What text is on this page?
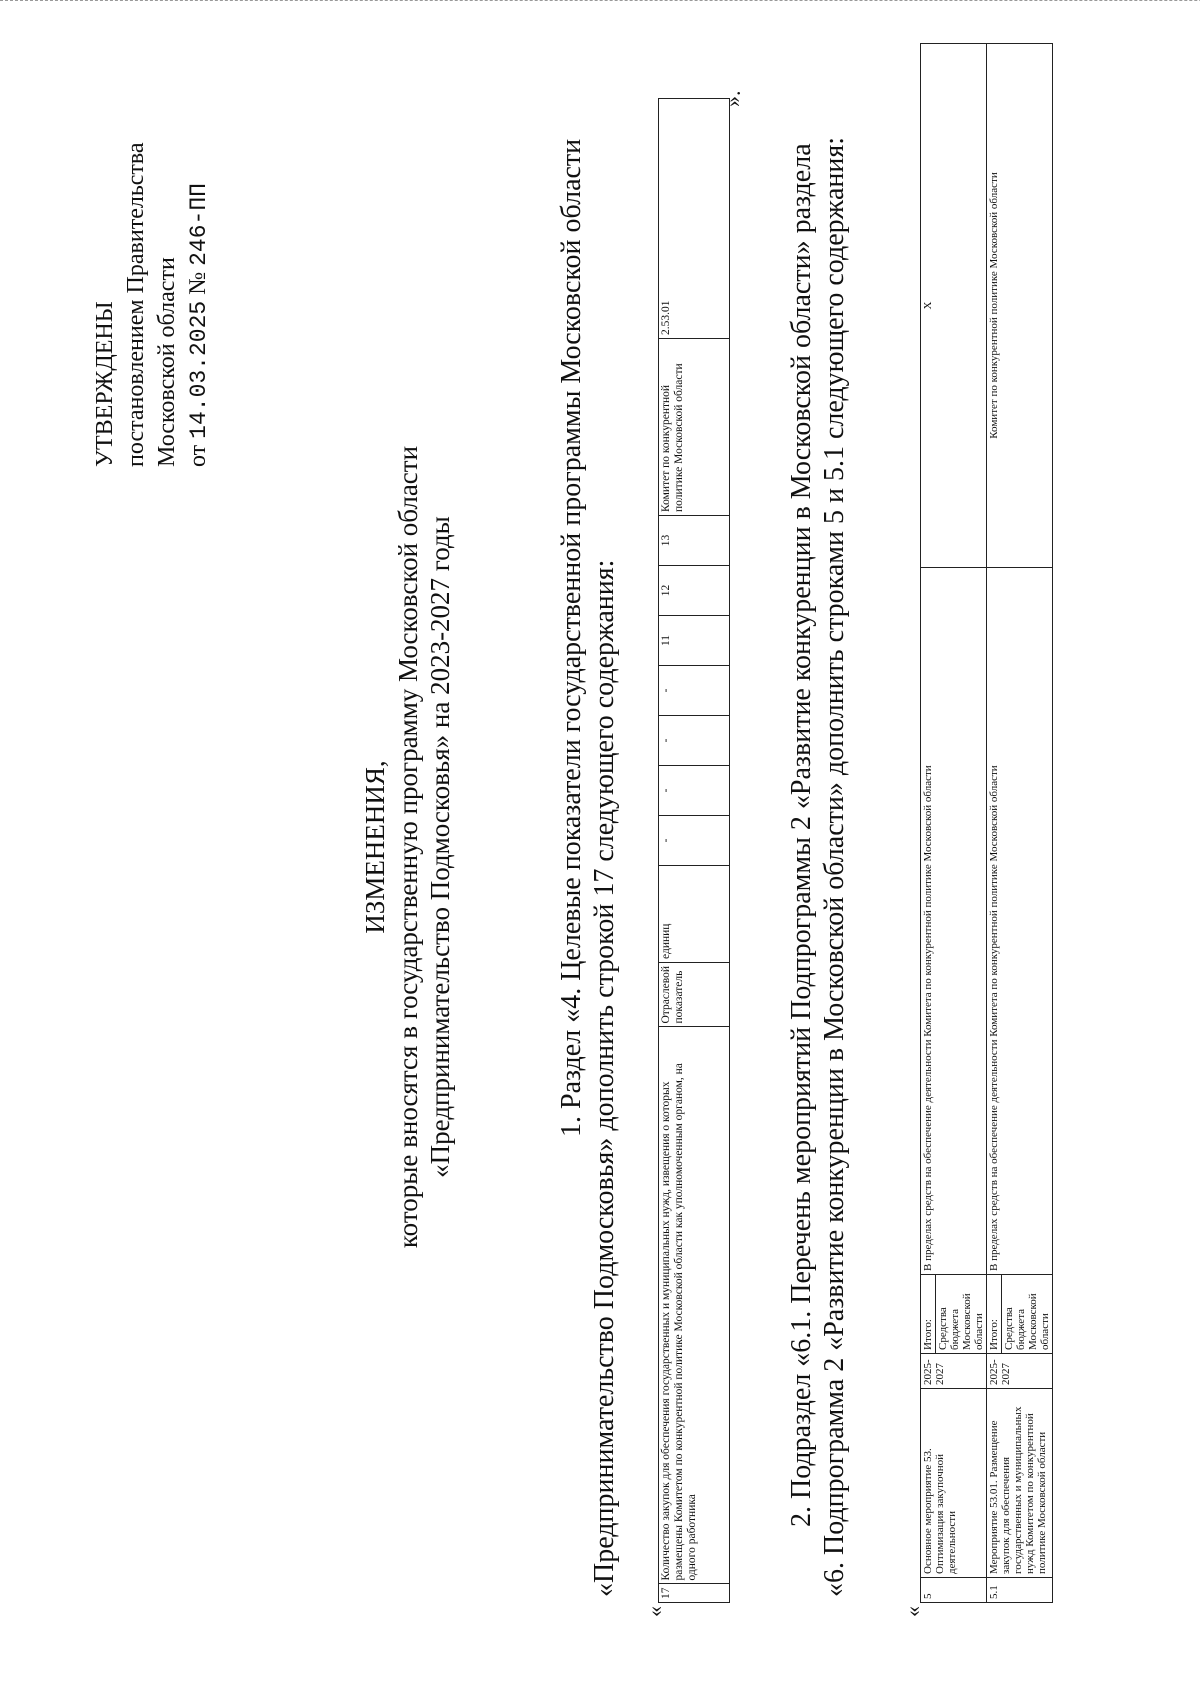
УТВЕРЖДЕНЫ постановлением Правительства Московской области от 14.03.2025 № 246-ПП
ИЗМЕНЕНИЯ, которые вносятся в государственную программу Московской области «Предпринимательство Подмосковья» на 2023-2027 годы	1. Раздел «4. Целевые показатели государственной программы Московской области «Предпринимательство Подмосковья» дополнить строкой 17 следующего содержания:
«
17	Количество закупок для обеспечения государственных и муниципальных нужд, извещения о которых размещены Комитетом по конкурентной политике Московской области как уполномоченным органом, на одного работника	Отраслевой показатель	единиц	-	-	-	-	11	12	13	Комитет по конкурентной политике Московской области	2.53.01
».
2. Подраздел «6.1. Перечень мероприятий Подпрограммы 2 «Развитие конкуренции в Московской области» раздела «6. Подпрограмма 2 «Развитие конкуренции в Московской области» дополнить строками 5 и 5.1 следующего содержания:
«
5	Основное мероприятие 53. Оптимизация закупочной деятельности	2025-2027	Итого: Средства бюджета Московской области	В пределах средств на обеспечение деятельности Комитета по конкурентной политике Московской области	Х
5.1	Мероприятие 53.01. Размещение закупок для обеспечения государственных и муниципальных нужд Комитетом по конкурентной политике Московской области	2025-2027	Итого: Средства бюджета Московской области	В пределах средств на обеспечение деятельности Комитета по конкурентной политике Московской области	Комитет по конкурентной политике Московской области
